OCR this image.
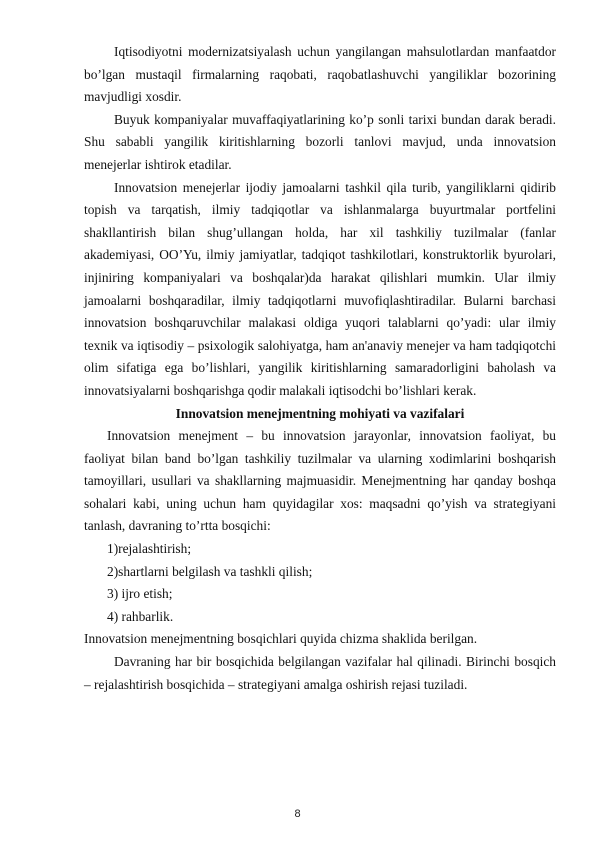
Iqtisodiyotni modernizatsiyalash uchun yangilangan mahsulotlardan manfaatdor bo’lgan mustaqil firmalarning raqobati, raqobatlashuvchi yangiliklar bozorining mavjudligi xosdir.

Buyuk kompaniyalar muvaffaqiyatlarining ko’p sonli tarixi bundan darak beradi. Shu sababli yangilik kiritishlarning bozorli tanlovi mavjud, unda innovatsion menejerlar ishtirok etadilar.

Innovatsion menejerlar ijodiy jamoalarni tashkil qila turib, yangiliklarni qidirib topish va tarqatish, ilmiy tadqiqotlar va ishlanmalarga buyurtmalar portfelini shakllantirish bilan shug’ullangan holda, har xil tashkiliy tuzilmalar (fanlar akademiyasi, OO’Yu, ilmiy jamiyatlar, tadqiqot tashkilotlari, konstruktorlik byurolari, injiniring kompaniyalari va boshqalar)da harakat qilishlari mumkin. Ular ilmiy jamoalarni boshqaradilar, ilmiy tadqiqotlarni muvofiqlashtiradilar. Bularni barchasi innovatsion boshqaruvchilar malakasi oldiga yuqori talablarni qo’yadi: ular ilmiy texnik va iqtisodiy – psixologik salohiyatga, ham an'anaviy menejer va ham tadqiqotchi olim sifatiga ega bo’lishlari, yangilik kiritishlarning samaradorligini baholash va innovatsiyalarni boshqarishga qodir malakali iqtisodchi bo’lishlari kerak.

Innovatsion menejmentning mohiyati va vazifalari

Innovatsion menejment – bu innovatsion jarayonlar, innovatsion faoliyat, bu faoliyat bilan band bo’lgan tashkiliy tuzilmalar va ularning xodimlarini boshqarish tamoyillari, usullari va shakllarning majmuasidir. Menejmentning har qanday boshqa sohalari kabi, uning uchun ham quyidagilar xos: maqsadni qo’yish va strategiyani tanlash, davraning to’rtta bosqichi:

1)rejalashtirish;

2)shartlarni belgilash va tashkli qilish;

3) ijro etish;

4) rahbarlik.

Innovatsion menejmentning bosqichlari quyida chizma shaklida berilgan.

Davraning har bir bosqichida belgilangan vazifalar hal qilinadi. Birinchi bosqich – rejalashtirish bosqichida – strategiyani amalga oshirish rejasi tuziladi.

8
